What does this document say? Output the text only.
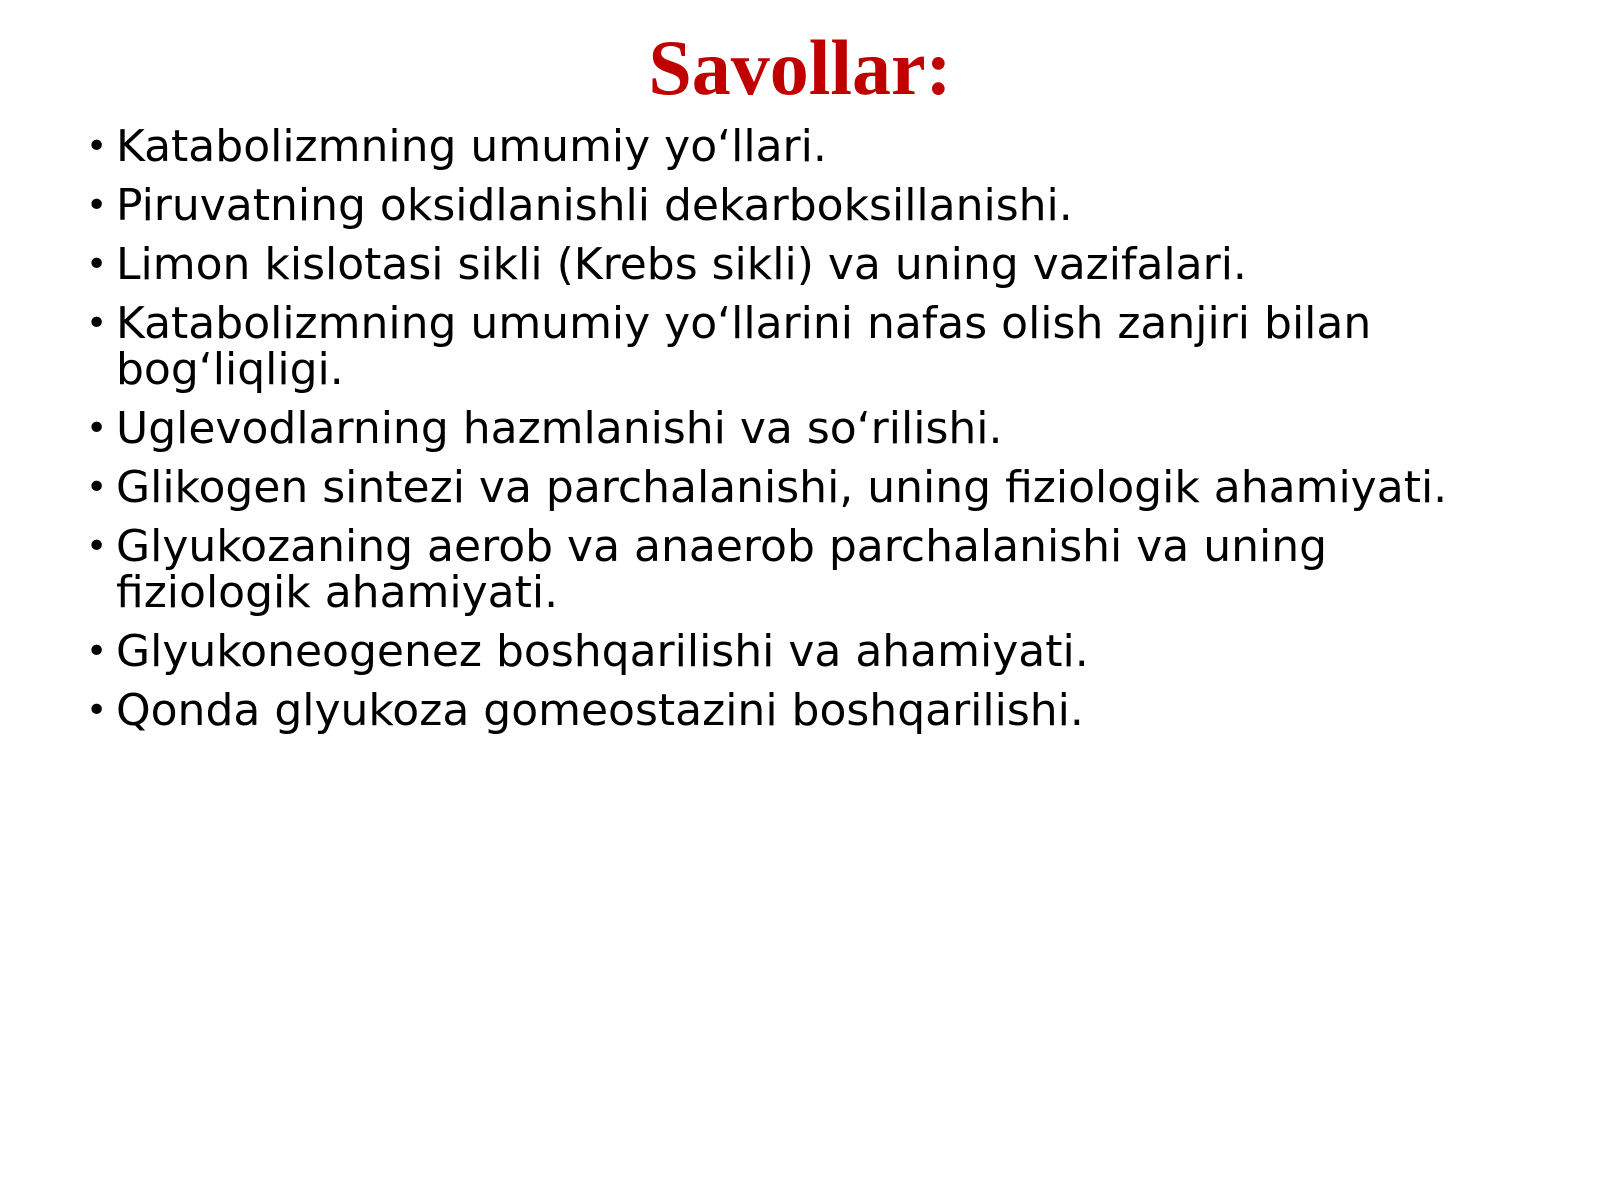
Savollar:
• Katabolizmning umumiy yo‘llari.
• Piruvatning oksidlanishli dekarboksillanishi.
• Limon kislotasi sikli (Krebs sikli) va uning vazifalari.
• Katabolizmning umumiy yo‘llarini nafas olish zanjiri bilan bog‘liqligi.
• Uglevodlarning hazmlanishi va so‘rilishi.
• Glikogen sintezi va parchalanishi, uning fiziologik ahamiyati.
• Glyukozaning aerob va anaerob parchalanishi va uning fiziologik ahamiyati.
• Glyukoneogenez boshqarilishi va ahamiyati.
• Qonda glyukoza gomeostazini boshqarilishi.
